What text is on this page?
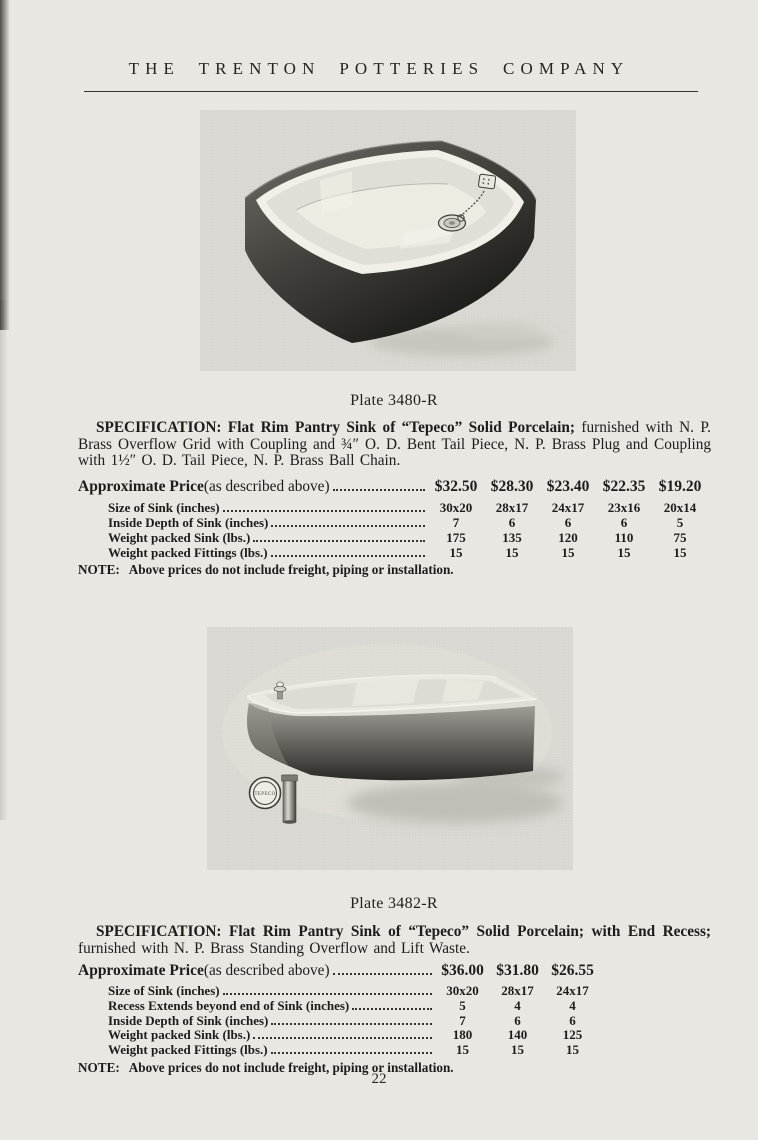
THE TRENTON POTTERIES COMPANY
Plate 3480-R

SPECIFICATION: Flat Rim Pantry Sink of “Tepeco” Solid Porcelain; furnished with N. P. Brass Overflow Grid with Coupling and ¾″ O. D. Bent Tail Piece, N. P. Brass Plug and Coupling with 1½″ O. D. Tail Piece, N. P. Brass Ball Chain.

Approximate Price (as described above)	$32.50 $28.30 $23.40 $22.35 $19.20
Size of Sink (inches)	30x20	28x17	24x17	23x16	20x14
Inside Depth of Sink (inches)	7	6	6	6	5
Weight packed Sink (lbs.)	175	135	120	110	75
Weight packed Fittings (lbs.)	15	15	15	15	15
NOTE: Above prices do not include freight, piping or installation.
TEPECO
Plate 3482-R

SPECIFICATION: Flat Rim Pantry Sink of “Tepeco” Solid Porcelain; with End Recess; furnished with N. P. Brass Standing Overflow and Lift Waste.

Approximate Price (as described above)	$36.00 $31.80 $26.55
Size of Sink (inches)	30x20	28x17	24x17
Recess Extends beyond end of Sink (inches)	5	4	4
Inside Depth of Sink (inches)	7	6	6
Weight packed Sink (lbs.)	180	140	125
Weight packed Fittings (lbs.)	15	15	15
NOTE: Above prices do not include freight, piping or installation.
22
